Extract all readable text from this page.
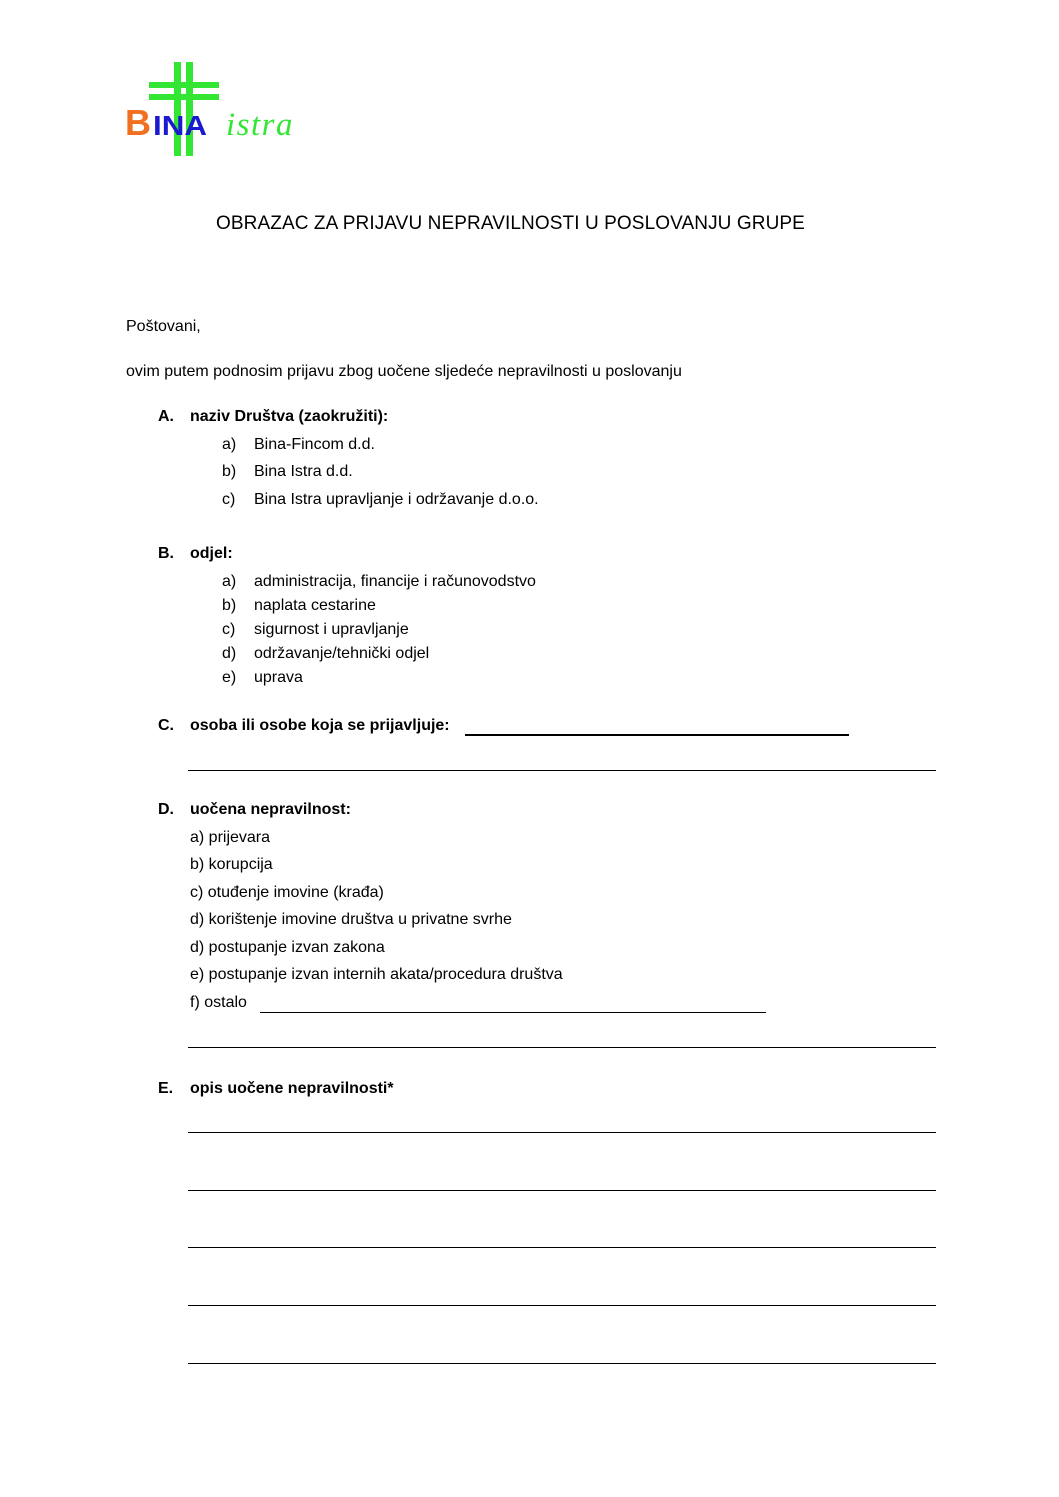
B INA istra
OBRAZAC ZA PRIJAVU NEPRAVILNOSTI U POSLOVANJU GRUPE
Poštovani,
ovim putem podnosim prijavu zbog uočene sljedeće nepravilnosti u poslovanju
A. naziv Društva (zaokružiti):
a) Bina-Fincom d.d.
b) Bina Istra d.d.
c) Bina Istra upravljanje i održavanje d.o.o.
B. odjel:
a) administracija, financije i računovodstvo
b) naplata cestarine
c) sigurnost i upravljanje
d) održavanje/tehnički odjel
e) uprava
C. osoba ili osobe koja se prijavljuje:
D. uočena nepravilnost:
a) prijevara
b) korupcija
c) otuđenje imovine (krađa)
d) korištenje imovine društva u privatne svrhe
d) postupanje izvan zakona
e) postupanje izvan internih akata/procedura društva
f) ostalo
E. opis uočene nepravilnosti*
